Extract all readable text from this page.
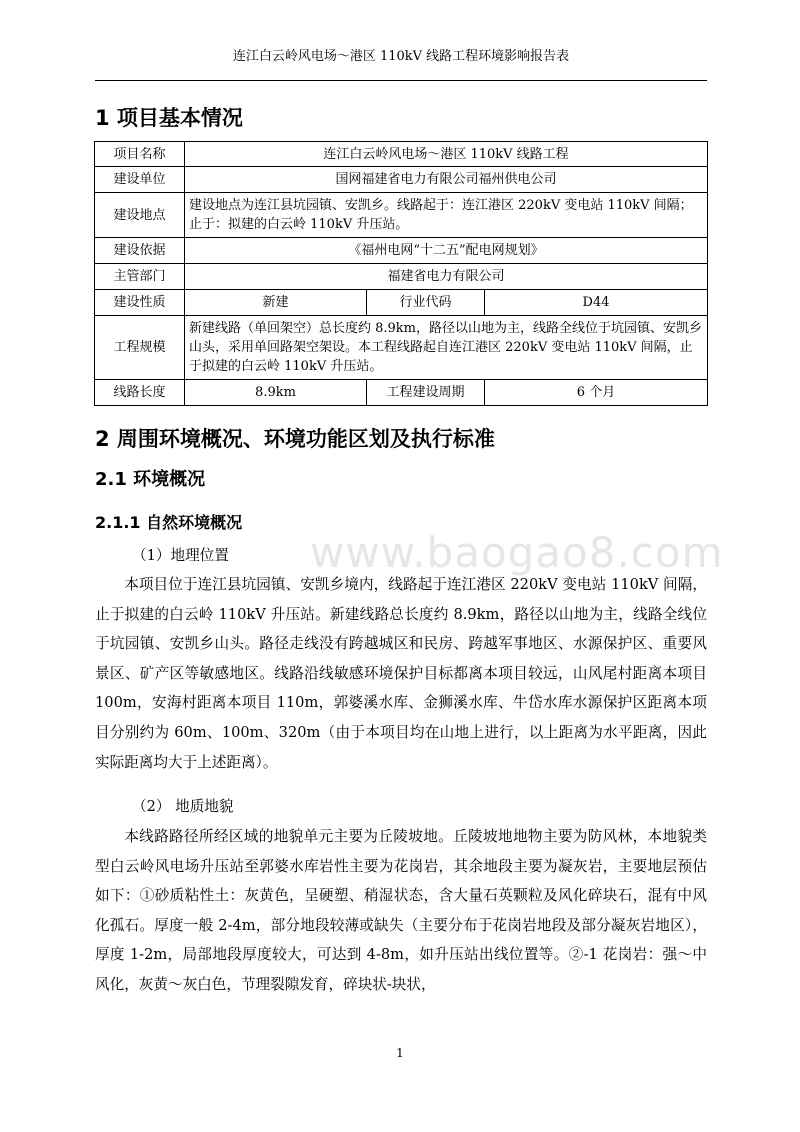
连江白云岭风电场～港区 110kV 线路工程环境影响报告表
1 项目基本情况
项目名称	连江白云岭风电场～港区 110kV 线路工程		
建设单位	国网福建省电力有限公司福州供电公司		
建设地点	建设地点为连江县坑园镇、安凯乡。线路起于：连江港区 220kV 变电站 110kV 间隔；止于：拟建的白云岭 110kV 升压站。		
建设依据	《福州电网“十二五”配电网规划》		
主管部门	福建省电力有限公司		
建设性质	新建	行业代码	D44
工程规模	新建线路（单回架空）总长度约 8.9km，路径以山地为主，线路全线位于坑园镇、安凯乡山头，采用单回路架空架设。本工程线路起自连江港区 220kV 变电站 110kV 间隔，止于拟建的白云岭 110kV 升压站。		
线路长度	8.9km	工程建设周期	6 个月
2 周围环境概况、环境功能区划及执行标准
2.1 环境概况
2.1.1 自然环境概况
www.baogao8.com
（1）地理位置

本项目位于连江县坑园镇、安凯乡境内，线路起于连江港区 220kV 变电站 110kV 间隔，止于拟建的白云岭 110kV 升压站。新建线路总长度约 8.9km，路径以山地为主，线路全线位于坑园镇、安凯乡山头。路径走线没有跨越城区和民房、跨越军事地区、水源保护区、重要风景区、矿产区等敏感地区。线路沿线敏感环境保护目标都离本项目较远，山风尾村距离本项目 100m，安海村距离本项目 110m，郭婆溪水库、金狮溪水库、牛岱水库水源保护区距离本项目分别约为 60m、100m、320m（由于本项目均在山地上进行，以上距离为水平距离，因此实际距离均大于上述距离）。

（2） 地质地貌

本线路路径所经区域的地貌单元主要为丘陵坡地。丘陵坡地地物主要为防风林，本地貌类型白云岭风电场升压站至郭婆水库岩性主要为花岗岩，其余地段主要为凝灰岩，主要地层预估如下：①砂质粘性土：灰黄色，呈硬塑、稍湿状态，含大量石英颗粒及风化碎块石，混有中风化孤石。厚度一般 2-4m，部分地段较薄或缺失（主要分布于花岗岩地段及部分凝灰岩地区），厚度 1-2m，局部地段厚度较大，可达到 4-8m，如升压站出线位置等。②-1 花岗岩：强～中风化，灰黄～灰白色，节理裂隙发育，碎块状-块状，

1
